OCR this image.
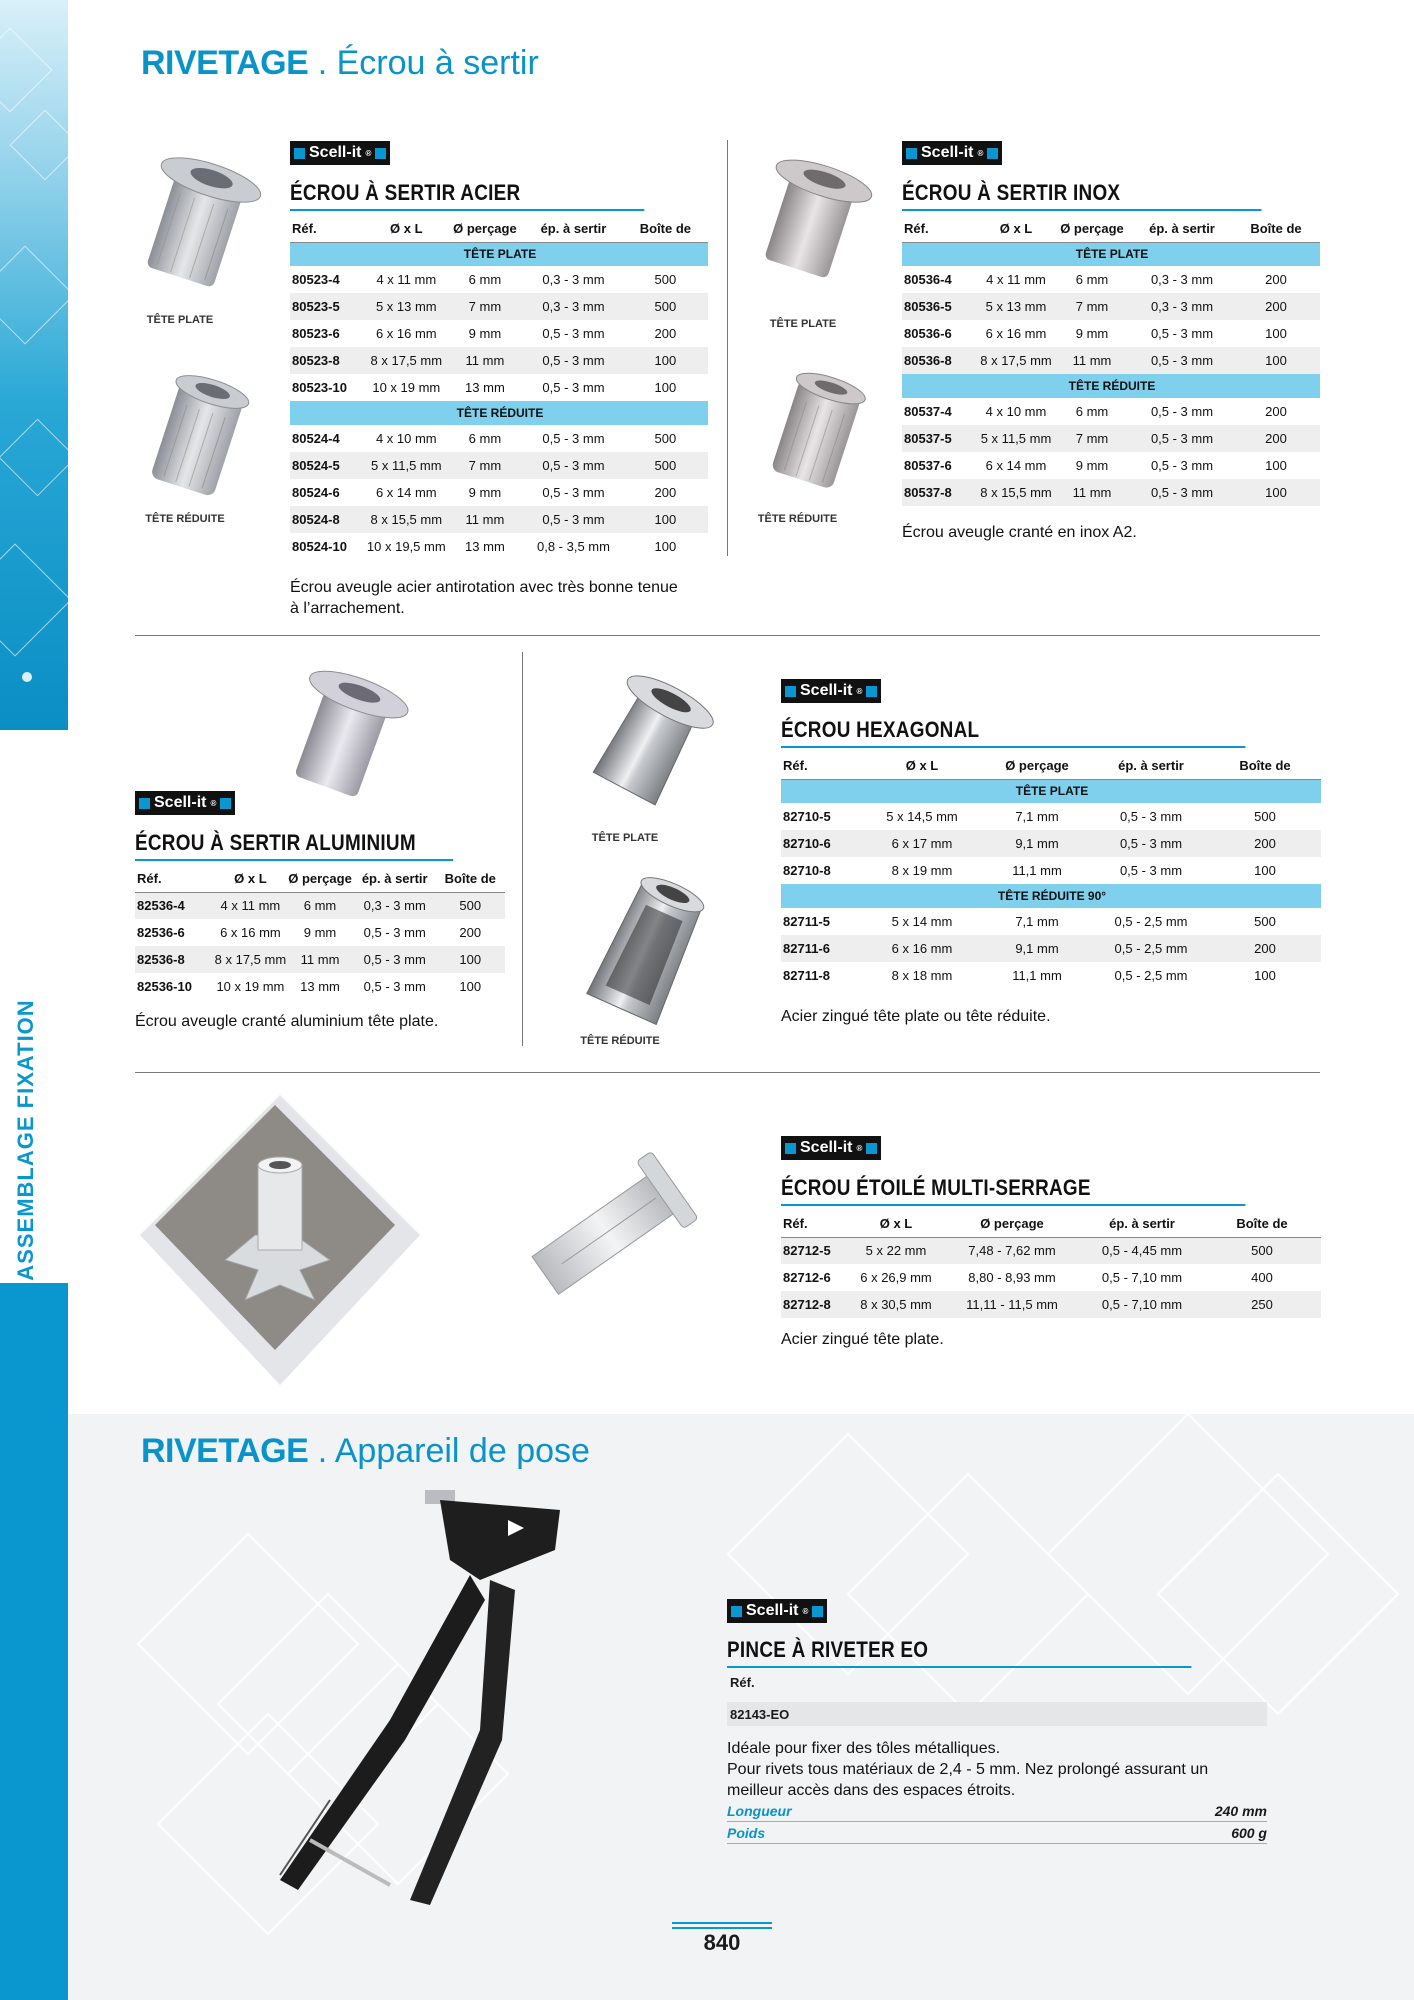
ASSEMBLAGE FIXATION
RIVETAGE . Écrou à sertir
TÊTE PLATE
TÊTE RÉDUITE
Scell-it ®
ÉCROU À SERTIR ACIER
Réf.	Ø x L	Ø perçage	ép. à sertir	Boîte de
TÊTE PLATE				
80523-4	4 x 11 mm	6 mm	0,3 - 3 mm	500
80523-5	5 x 13 mm	7 mm	0,3 - 3 mm	500
80523-6	6 x 16 mm	9 mm	0,5 - 3 mm	200
80523-8	8 x 17,5 mm	11 mm	0,5 - 3 mm	100
80523-10	10 x 19 mm	13 mm	0,5 - 3 mm	100
TÊTE RÉDUITE				
80524-4	4 x 10 mm	6 mm	0,5 - 3 mm	500
80524-5	5 x 11,5 mm	7 mm	0,5 - 3 mm	500
80524-6	6 x 14 mm	9 mm	0,5 - 3 mm	200
80524-8	8 x 15,5 mm	11 mm	0,5 - 3 mm	100
80524-10	10 x 19,5 mm	13 mm	0,8 - 3,5 mm	100
Écrou aveugle acier antirotation avec très bonne tenue à l’arrachement.
TÊTE PLATE
TÊTE RÉDUITE
Scell-it ®
ÉCROU À SERTIR INOX
Réf.	Ø x L	Ø perçage	ép. à sertir	Boîte de
TÊTE PLATE				
80536-4	4 x 11 mm	6 mm	0,3 - 3 mm	200
80536-5	5 x 13 mm	7 mm	0,3 - 3 mm	200
80536-6	6 x 16 mm	9 mm	0,5 - 3 mm	100
80536-8	8 x 17,5 mm	11 mm	0,5 - 3 mm	100
TÊTE RÉDUITE				
80537-4	4 x 10 mm	6 mm	0,5 - 3 mm	200
80537-5	5 x 11,5 mm	7 mm	0,5 - 3 mm	200
80537-6	6 x 14 mm	9 mm	0,5 - 3 mm	100
80537-8	8 x 15,5 mm	11 mm	0,5 - 3 mm	100
Écrou aveugle cranté en inox A2.
Scell-it ®
ÉCROU À SERTIR ALUMINIUM
Réf.	Ø x L	Ø perçage	ép. à sertir	Boîte de
82536-4	4 x 11 mm	6 mm	0,3 - 3 mm	500
82536-6	6 x 16 mm	9 mm	0,5 - 3 mm	200
82536-8	8 x 17,5 mm	11 mm	0,5 - 3 mm	100
82536-10	10 x 19 mm	13 mm	0,5 - 3 mm	100
Écrou aveugle cranté aluminium tête plate.
TÊTE PLATE
TÊTE RÉDUITE
Scell-it ®
ÉCROU HEXAGONAL
Réf.	Ø x L	Ø perçage	ép. à sertir	Boîte de
TÊTE PLATE				
82710-5	5 x 14,5 mm	7,1 mm	0,5 - 3 mm	500
82710-6	6 x 17 mm	9,1 mm	0,5 - 3 mm	200
82710-8	8 x 19 mm	11,1 mm	0,5 - 3 mm	100
TÊTE RÉDUITE 90°				
82711-5	5 x 14 mm	7,1 mm	0,5 - 2,5 mm	500
82711-6	6 x 16 mm	9,1 mm	0,5 - 2,5 mm	200
82711-8	8 x 18 mm	11,1 mm	0,5 - 2,5 mm	100
Acier zingué tête plate ou tête réduite.
Scell-it ®
ÉCROU ÉTOILÉ MULTI-SERRAGE
Réf.	Ø x L	Ø perçage	ép. à sertir	Boîte de
82712-5	5 x 22 mm	7,48 - 7,62 mm	0,5 - 4,45 mm	500
82712-6	6 x 26,9 mm	8,80 - 8,93 mm	0,5 - 7,10 mm	400
82712-8	8 x 30,5 mm	11,11 - 11,5 mm	0,5 - 7,10 mm	250
Acier zingué tête plate.
RIVETAGE . Appareil de pose
Scell-it ®
PINCE À RIVETER EO
Réf.
82143-EO
Idéale pour fixer des tôles métalliques.
Pour rivets tous matériaux de 2,4 - 5 mm. Nez prolongé assurant un meilleur accès dans des espaces étroits.
Longueur	240 mm
Poids	600 g
840
